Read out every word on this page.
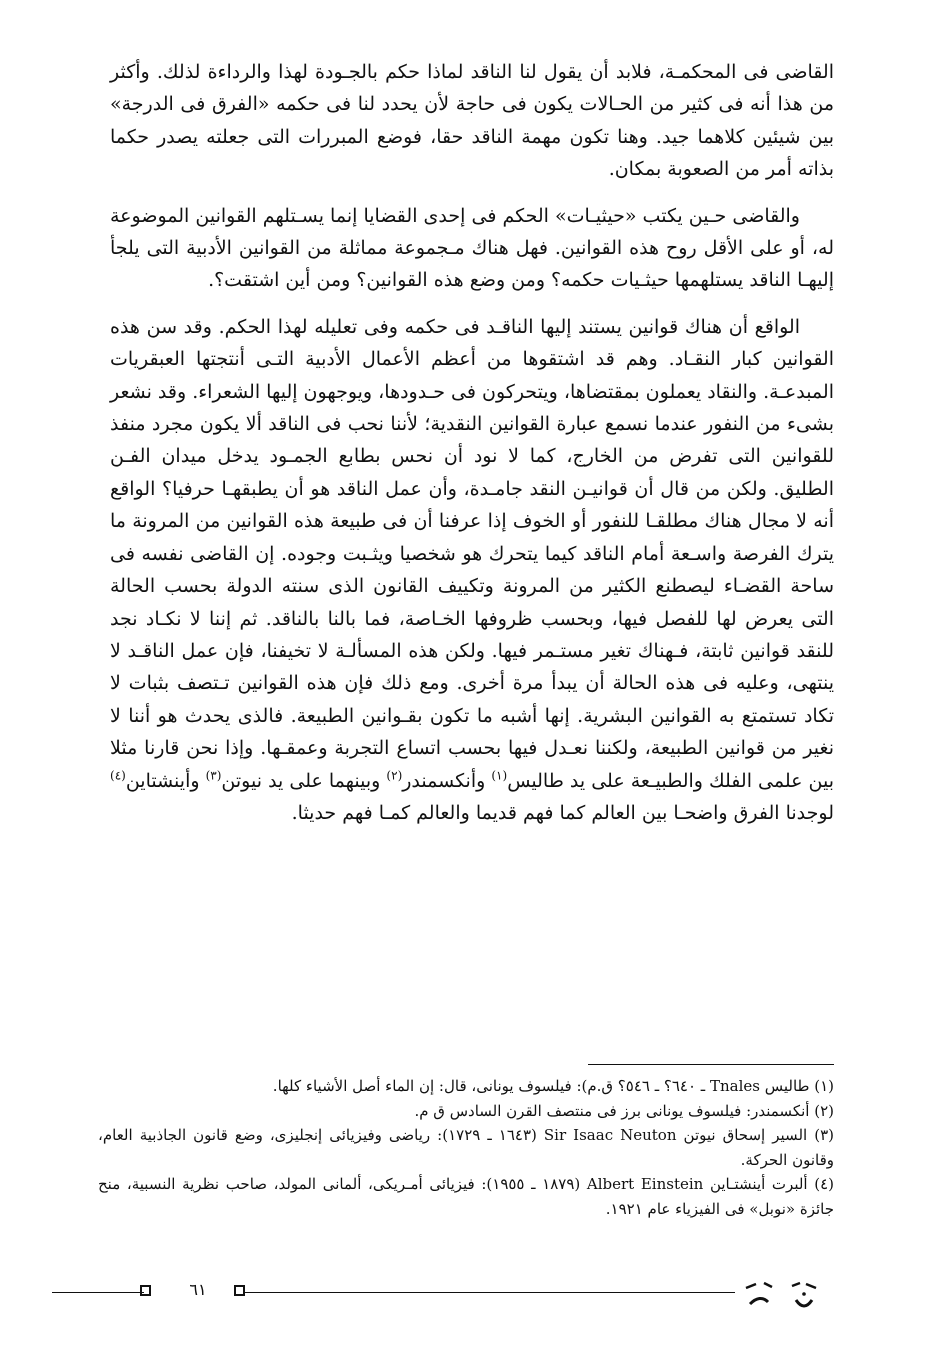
القاضى فى المحكمـة، فلابد أن يقول لنا الناقد لماذا حكم بالجـودة لهذا والرداءة لذلك. وأكثر من هذا أنه فى كثير من الحـالات يكون فى حاجة لأن يحدد لنا فى حكمه «الفرق فى الدرجة» بين شيئين كلاهما جيد. وهنا تكون مهمة الناقد حقا، فوضع المبررات التى جعلته يصدر حكما بذاته أمر من الصعوبة بمكان.

والقاضى حـين يكتب «حيثيـات» الحكم فى إحدى القضايا إنما يسـتلهم القوانين الموضوعة له، أو على الأقل روح هذه القوانين. فهل هناك مـجموعة مماثلة من القوانين الأدبية التى يلجأ إليهـا الناقد يستلهمها حيثـيات حكمه؟ ومن وضع هذه القوانين؟ ومن أين اشتقت؟.

الواقع أن هناك قوانين يستند إليها الناقـد فى حكمه وفى تعليله لهذا الحكم. وقد سن هذه القوانين كبار النقـاد. وهم قد اشتقوها من أعظم الأعمال الأدبية التـى أنتجتها العبقريات المبدعـة. والنقاد يعملون بمقتضاها، ويتحركون فى حـدودها، ويوجهون إليها الشعراء. وقد نشعر بشىء من النفور عندما نسمع عبارة القوانين النقدية؛ لأننا نحب فى الناقد ألا يكون مجرد منفذ للقوانين التى تفرض من الخارج، كما لا نود أن نحس بطابع الجمـود يدخل ميدان الفـن الطليق. ولكن من قال أن قوانيـن النقد جامـدة، وأن عمل الناقد هو أن يطبقهـا حرفيا؟ الواقع أنه لا مجال هناك مطلقـا للنفور أو الخوف إذا عرفنا أن فى طبيعة هذه القوانين من المرونة ما يترك الفرصة واسـعة أمام الناقد كيما يتحرك هو شخصيا ويثـبت وجوده. إن القاضى نفسه فى ساحة القضـاء ليصطنع الكثير من المرونة وتكييف القانون الذى سنته الدولة بحسب الحالة التى يعرض لها للفصل فيها، وبحسب ظروفها الخـاصة، فما بالنا بالناقد. ثم إننا لا نكـاد نجد للنقد قوانين ثابتة، فـهناك تغير مستـمر فيها. ولكن هذه المسألـة لا تخيفنا، فإن عمل الناقـد لا ينتهى، وعليه فى هذه الحالة أن يبدأ مرة أخرى. ومع ذلك فإن هذه القوانين تـتصف بثبات لا تكاد تستمتع به القوانين البشرية. إنها أشبه ما تكون بقـوانين الطبيعة. فالذى يحدث هو أننا لا نغير من قوانين الطبيعة، ولكننا نعـدل فيها بحسب اتساع التجربة وعمقـها. وإذا نحن قارنا مثلا بين علمى الفلك والطبيـعة على يد طاليس$^{(١)}$ وأنكسمندر$^{(٢)}$ وبينهما على يد نيوتن$^{(٣)}$ وأينشتاين$^{(٤)}$ لوجدنا الفرق واضحـا بين العالم كما فهم قديما والعالم كمـا فهم حديثا.

(١) طاليس Tnales ـ ٦٤٠؟ ـ ٥٤٦؟ ق.م): فيلسوف يونانى، قال: إن الماء أصل الأشياء كلها.

(٢) أنكسمندر: فيلسوف يونانى برز فى منتصف القرن السادس ق م.

(٣) السير إسحاق نيوتن Sir Isaac Neuton (١٦٤٣ ـ ١٧٢٩): رياضى وفيزيائى إنجليزى، وضع قانون الجاذبية العام، وقانون الحركة.

(٤) ألبرت أينشتـاين Albert Einstein (١٨٧٩ ـ ١٩٥٥): فيزيائى أمـريكى، ألمانى المولد، صاحب نظرية النسبية، منح جائزة «نوبل» فى الفيزياء عام ١٩٢١.

٦١
